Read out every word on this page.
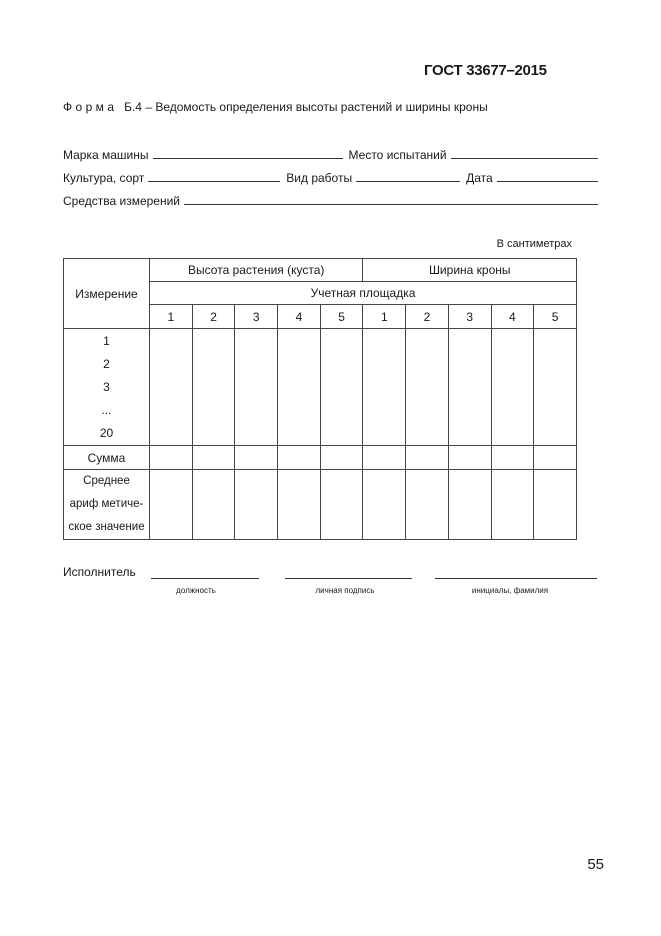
ГОСТ 33677–2015
Форма Б.4 – Ведомость определения высоты растений и ширины кроны
Марка машины	Место испытаний
Культура, сорт	Вид работы	Дата
Средства измерений
В сантиметрах
Измерение	Высота растения (куста)					Ширина кроны				
	Учетная площадка									
	1	2	3	4	5	1	2	3	4	5

1
2
3
...
20										

Сумма										

Среднее
ариф метиче-
ское значение										

Исполнитель
должность	личная подпись	инициалы, фамилия
55
